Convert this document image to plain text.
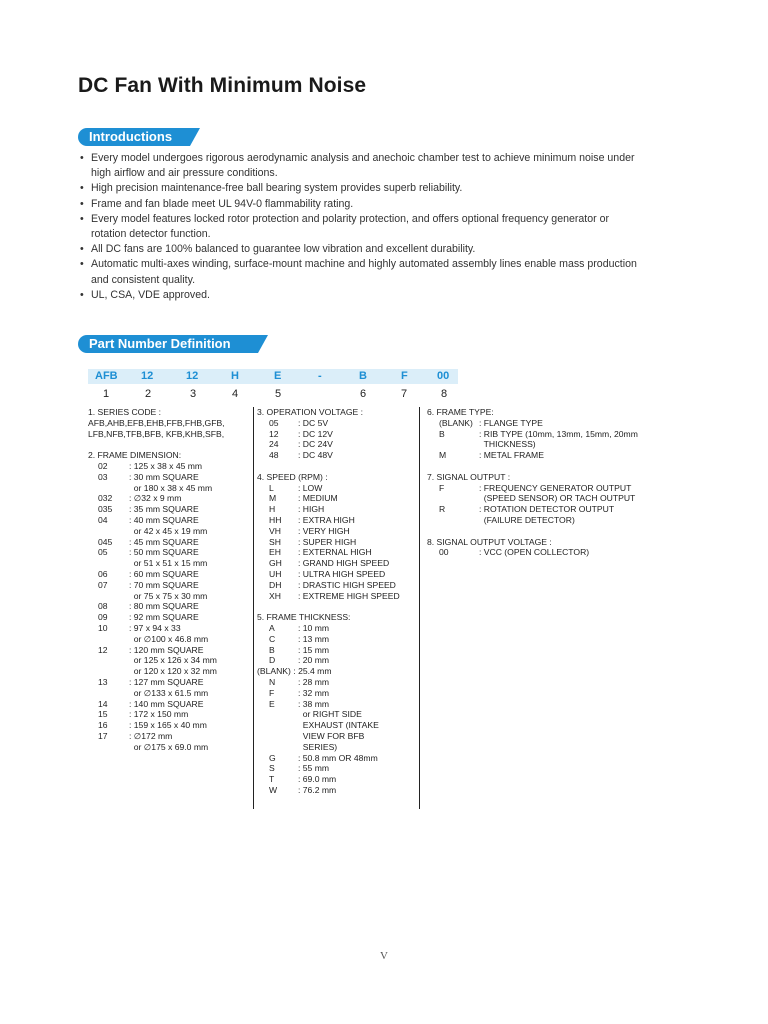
DC Fan With Minimum Noise
Introductions
• Every model undergoes rigorous aerodynamic analysis and anechoic chamber test to achieve minimum noise under high airflow and air pressure conditions.
• High precision maintenance-free ball bearing system provides superb reliability.
• Frame and fan blade meet UL 94V-0 flammability rating.
• Every model features locked rotor protection and polarity protection, and offers optional frequency generator or rotation detector function.
• All DC fans are 100% balanced to guarantee low vibration and excellent durability.
• Automatic multi-axes winding, surface-mount machine and highly automated assembly lines enable mass production and consistent quality.
• UL, CSA, VDE approved.
Part Number Definition
AFB 12	12	H	E	-	B	F	00
1	2	3	4	5	6	7	8
1. SERIES CODE :
AFB,AHB,EFB,EHB,FFB,FHB,GFB,
LFB,NFB,TFB,BFB, KFB,KHB,SFB,
2. FRAME DIMENSION:
02 : 125 x 38 x 45 mm
03 : 30 mm SQUARE
or 180 x 38 x 45 mm
032 : ∅32 x 9 mm
035 : 35 mm SQUARE
04 : 40 mm SQUARE
or 42 x 45 x 19 mm
045 : 45 mm SQUARE
05 : 50 mm SQUARE
or 51 x 51 x 15 mm
06 : 60 mm SQUARE
07 : 70 mm SQUARE
or 75 x 75 x 30 mm
08 : 80 mm SQUARE
09 : 92 mm SQUARE
10 : 97 x 94 x 33
or ∅100 x 46.8 mm
12 : 120 mm SQUARE
or 125 x 126 x 34 mm
or 120 x 120 x 32 mm
13 : 127 mm SQUARE
or ∅133 x 61.5 mm
14 : 140 mm SQUARE
15 : 172 x 150 mm
16 : 159 x 165 x 40 mm
17 : ∅172 mm
or ∅175 x 69.0 mm
3. OPERATION VOLTAGE :
05 : DC 5V
12 : DC 12V
24 : DC 24V
48 : DC 48V
4. SPEED (RPM) :
L	: LOW
M	: MEDIUM
H	: HIGH
HH : EXTRA HIGH
VH : VERY HIGH
SH : SUPER HIGH
EH : EXTERNAL HIGH
GH : GRAND HIGH SPEED
UH : ULTRA HIGH SPEED
DH : DRASTIC HIGH SPEED
XH : EXTREME HIGH SPEED
5. FRAME THICKNESS:
A	: 10 mm
C	: 13 mm
B	: 15 mm
D	: 20 mm
(BLANK) : 25.4 mm
N	: 28 mm
F	: 32 mm
E	: 38 mm
or RIGHT SIDE
EXHAUST (INTAKE
VIEW FOR BFB
SERIES)
G	: 50.8 mm OR 48mm
S	: 55 mm
T	: 69.0 mm
W : 76.2 mm
6. FRAME TYPE:
(BLANK) : FLANGE TYPE
B	: RIB TYPE (10mm, 13mm, 15mm, 20mm
THICKNESS)
M	: METAL FRAME
7. SIGNAL OUTPUT :
F	: FREQUENCY GENERATOR OUTPUT
(SPEED SENSOR) OR TACH OUTPUT
R	: ROTATION DETECTOR OUTPUT
(FAILURE DETECTOR)
8. SIGNAL OUTPUT VOLTAGE :
00	: VCC (OPEN COLLECTOR)
V
